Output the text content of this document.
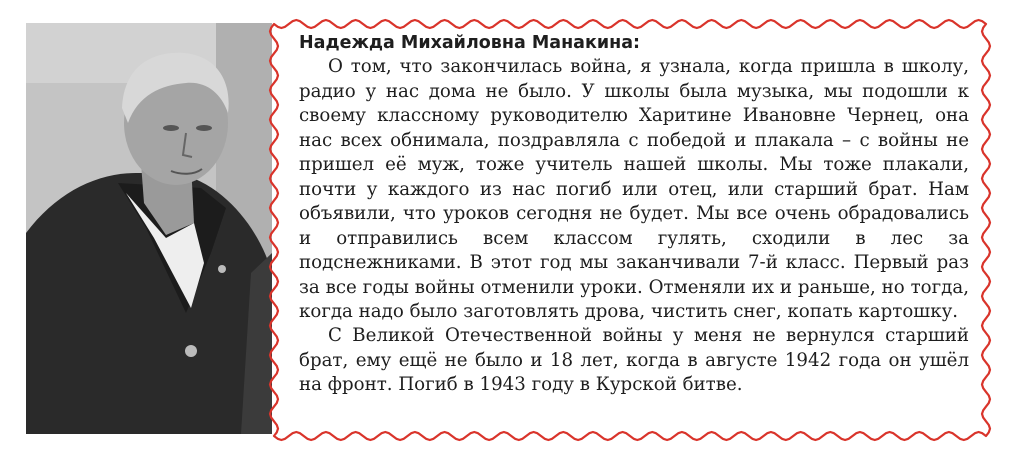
Надежда Михайловна Манакина:

О том, что закончилась война, я узнала, когда пришла в школу, радио у нас дома не было. У школы была музыка, мы подошли к своему классному руководителю Харитине Ивановне Чернец, она нас всех обнимала, поздравляла с победой и плакала – с войны не пришел её муж, тоже учитель нашей школы. Мы тоже плакали, почти у каждого из нас погиб или отец, или старший брат. Нам объявили, что уроков сегодня не будет. Мы все очень обрадовались и отправились всем классом гулять, сходили в лес за подснежниками. В этот год мы заканчивали 7-й класс. Первый раз за все годы войны отменили уроки. Отменяли их и раньше, но тогда, когда надо было заготовлять дрова, чистить снег, копать картошку.

С Великой Отечественной войны у меня не вернулся старший брат, ему ещё не было и 18 лет, когда в августе 1942 года он ушёл на фронт. Погиб в 1943 году в Курской битве.
